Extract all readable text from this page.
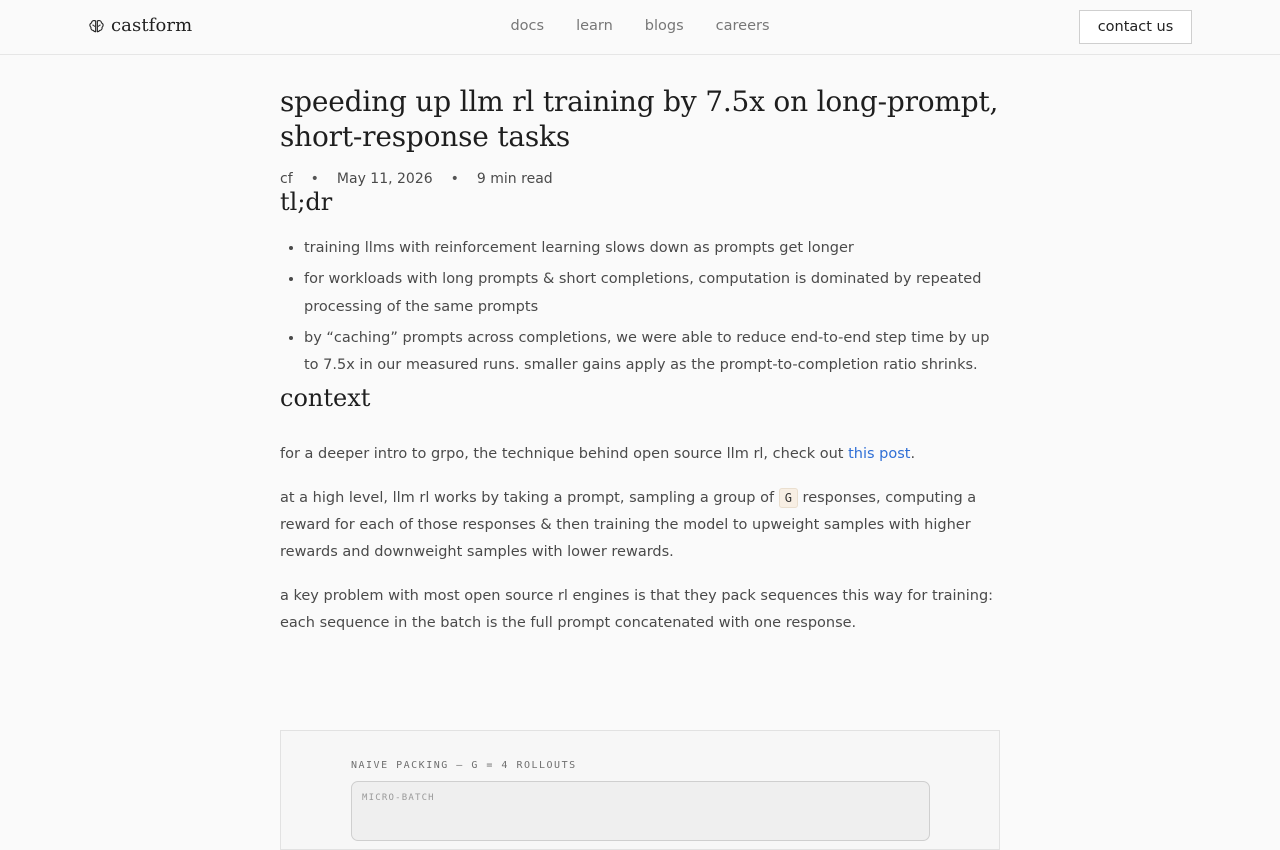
castform	docs learn blogs careers	contact us
speeding up llm rl training by 7.5x on long-prompt, short-response tasks
cf • May 11, 2026 • 9 min read
tl;dr
• training llms with reinforcement learning slows down as prompts get longer
• for workloads with long prompts & short completions, computation is dominated by repeated processing of the same prompts
• by “caching” prompts across completions, we were able to reduce end-to-end step time by up to 7.5x in our measured runs. smaller gains apply as the prompt-to-completion ratio shrinks.
context

for a deeper intro to grpo, the technique behind open source llm rl, check out this post.

at a high level, llm rl works by taking a prompt, sampling a group of G responses, computing a reward for each of those responses & then training the model to upweight samples with higher rewards and downweight samples with lower rewards.

a key problem with most open source rl engines is that they pack sequences this way for training: each sequence in the batch is the full prompt concatenated with one response.

NAIVE PACKING — G = 4 ROLLOUTS
MICRO-BATCH
